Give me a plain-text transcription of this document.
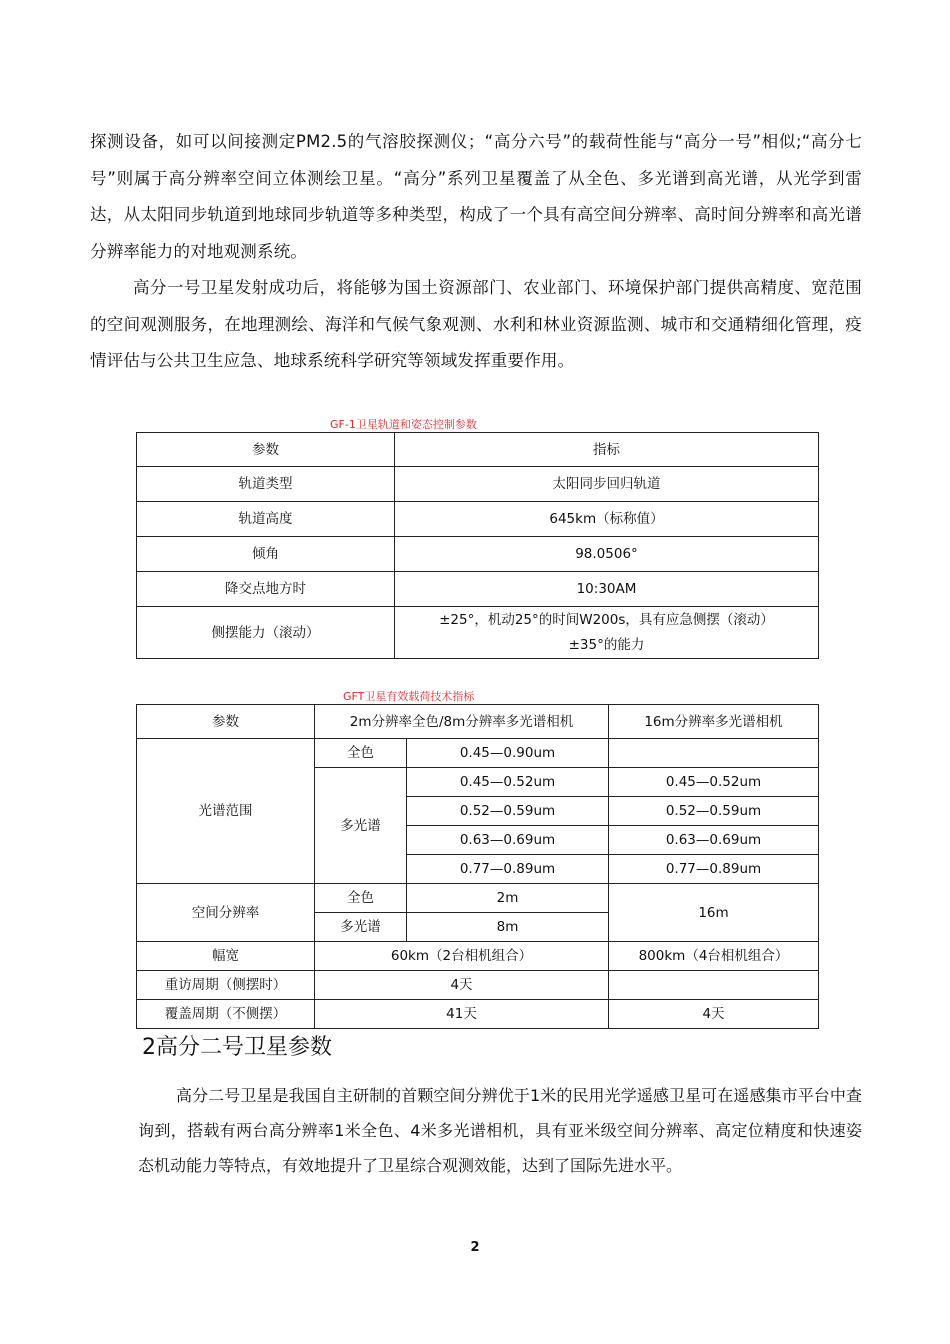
探测设备，如可以间接测定PM2.5的气溶胶探测仪；“高分六号”的载荷性能与“高分一号”相似;“高分七号”则属于高分辨率空间立体测绘卫星。“高分”系列卫星覆盖了从全色、多光谱到高光谱，从光学到雷达，从太阳同步轨道到地球同步轨道等多种类型，构成了一个具有高空间分辨率、高时间分辨率和高光谱分辨率能力的对地观测系统。

高分一号卫星发射成功后，将能够为国土资源部门、农业部门、环境保护部门提供高精度、宽范围的空间观测服务，在地理测绘、海洋和气候气象观测、水利和林业资源监测、城市和交通精细化管理，疫情评估与公共卫生应急、地球系统科学研究等领域发挥重要作用。

GF-1卫星轨道和姿态控制参数

参数	指标
轨道类型	太阳同步回归轨道
轨道高度	645km（标称值）
倾角	98.0506°
降交点地方时	10:30AM
侧摆能力（滚动）	±25°，机动25°的时间W200s，具有应急侧摆（滚动）
±35°的能力

GFT卫星有效载荷技术指标

参数	2m分辨率全色/8m分辨率多光谱相机		16m分辨率多光谱相机
光谱范围	全色	0.45—0.90um	
	多光谱	0.45—0.52um	0.45—0.52um
		0.52—0.59um	0.52—0.59um
		0.63—0.69um	0.63—0.69um
		0.77—0.89um	0.77—0.89um
空间分辨率	全色	2m	16m
	多光谱	8m	
幅宽	60km（2台相机组合）		800km（4台相机组合）
重访周期（侧摆时）	4天		
覆盖周期（不侧摆）	41天		4天

2高分二号卫星参数

高分二号卫星是我国自主研制的首颗空间分辨优于1米的民用光学遥感卫星可在遥感集市平台中查询到，搭载有两台高分辨率1米全色、4米多光谱相机，具有亚米级空间分辨率、高定位精度和快速姿态机动能力等特点，有效地提升了卫星综合观测效能，达到了国际先进水平。

2
